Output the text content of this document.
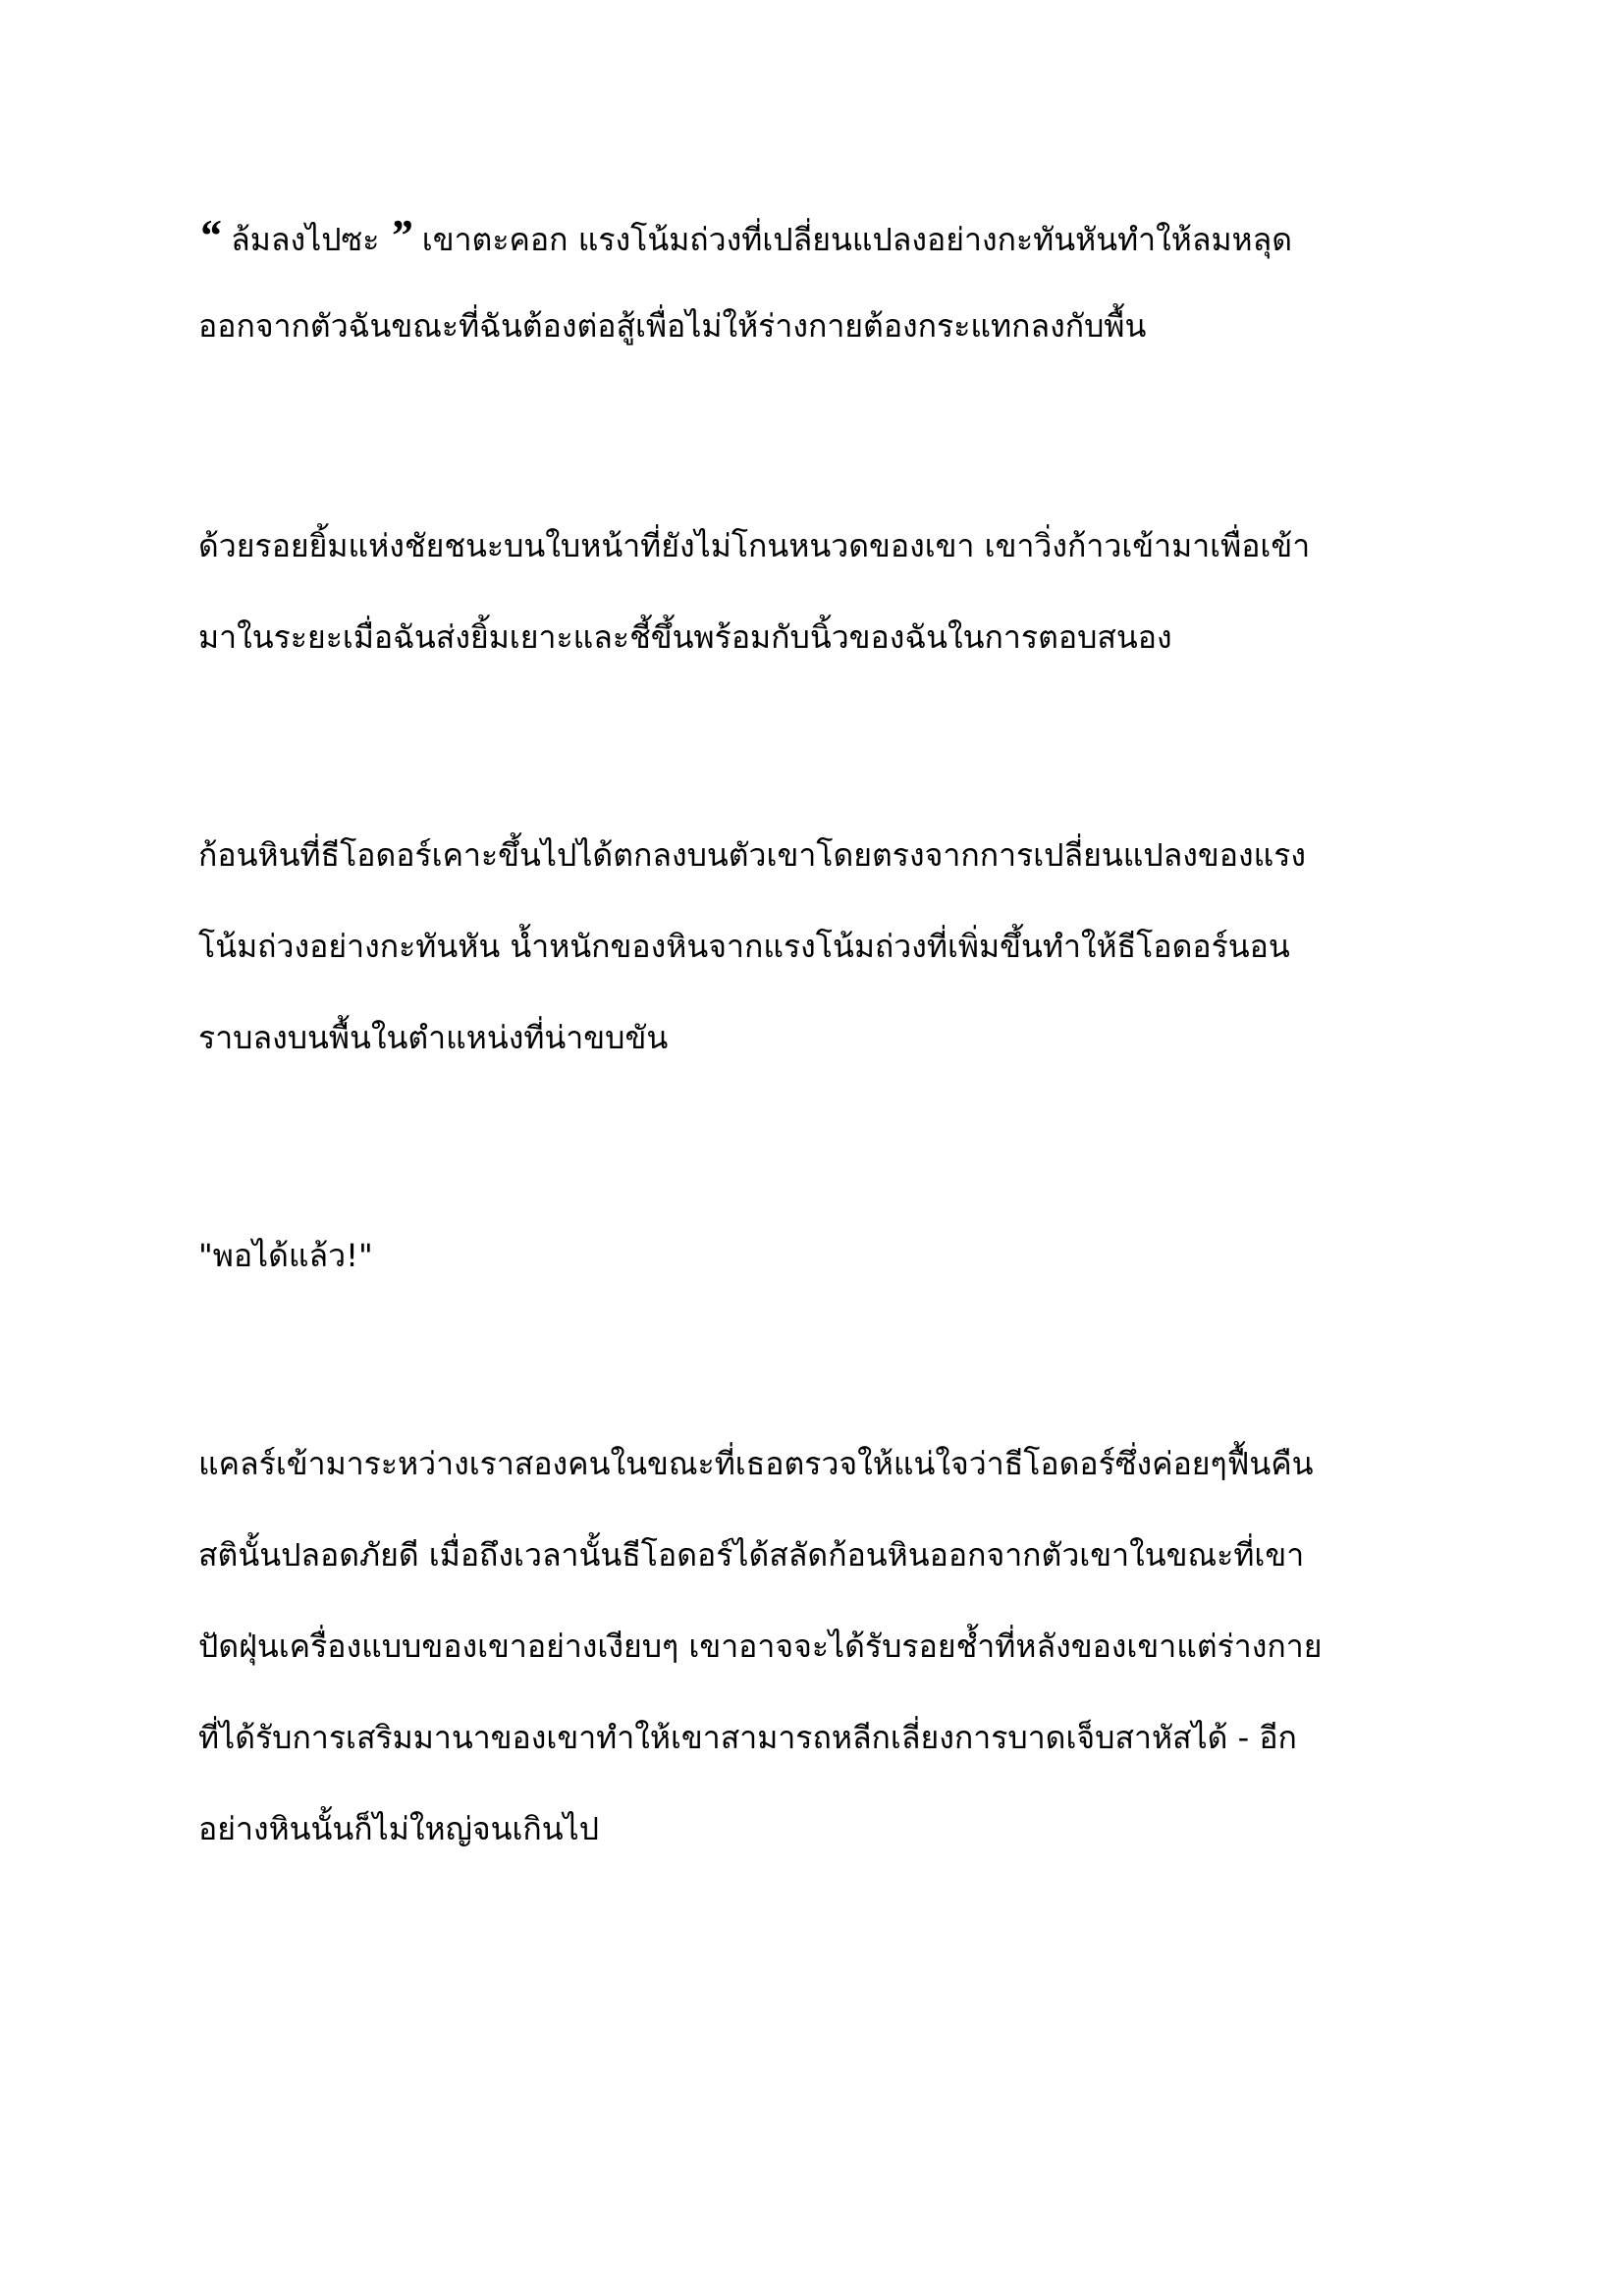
“ ล้มลงไปซะ ” เขาตะคอก แรงโน้มถ่วงที่เปลี่ยนแปลงอย่างกะทันหันทำให้ลมหลุด
ออกจากตัวฉันขณะที่ฉันต้องต่อสู้เพื่อไม่ให้ร่างกายต้องกระแทกลงกับพื้น

ด้วยรอยยิ้มแห่งชัยชนะบนใบหน้าที่ยังไม่โกนหนวดของเขา เขาวิ่งก้าวเข้ามาเพื่อเข้า
มาในระยะเมื่อฉันส่งยิ้มเยาะและชี้ขึ้นพร้อมกับนิ้วของฉันในการตอบสนอง

ก้อนหินที่ธีโอดอร์เคาะขึ้นไปได้ตกลงบนตัวเขาโดยตรงจากการเปลี่ยนแปลงของแรง
โน้มถ่วงอย่างกะทันหัน น้ำหนักของหินจากแรงโน้มถ่วงที่เพิ่มขึ้นทำให้ธีโอดอร์นอน
ราบลงบนพื้นในตำแหน่งที่น่าขบขัน

"พอได้แล้ว!"

แคลร์เข้ามาระหว่างเราสองคนในขณะที่เธอตรวจให้แน่ใจว่าธีโอดอร์ซึ่งค่อยๆฟื้นคืน
สตินั้นปลอดภัยดี เมื่อถึงเวลานั้นธีโอดอร์ได้สลัดก้อนหินออกจากตัวเขาในขณะที่เขา
ปัดฝุ่นเครื่องแบบของเขาอย่างเงียบๆ เขาอาจจะได้รับรอยช้ำที่หลังของเขาแต่ร่างกาย
ที่ได้รับการเสริมมานาของเขาทำให้เขาสามารถหลีกเลี่ยงการบาดเจ็บสาหัสได้ - อีก
อย่างหินนั้นก็ไม่ใหญ่จนเกินไป
